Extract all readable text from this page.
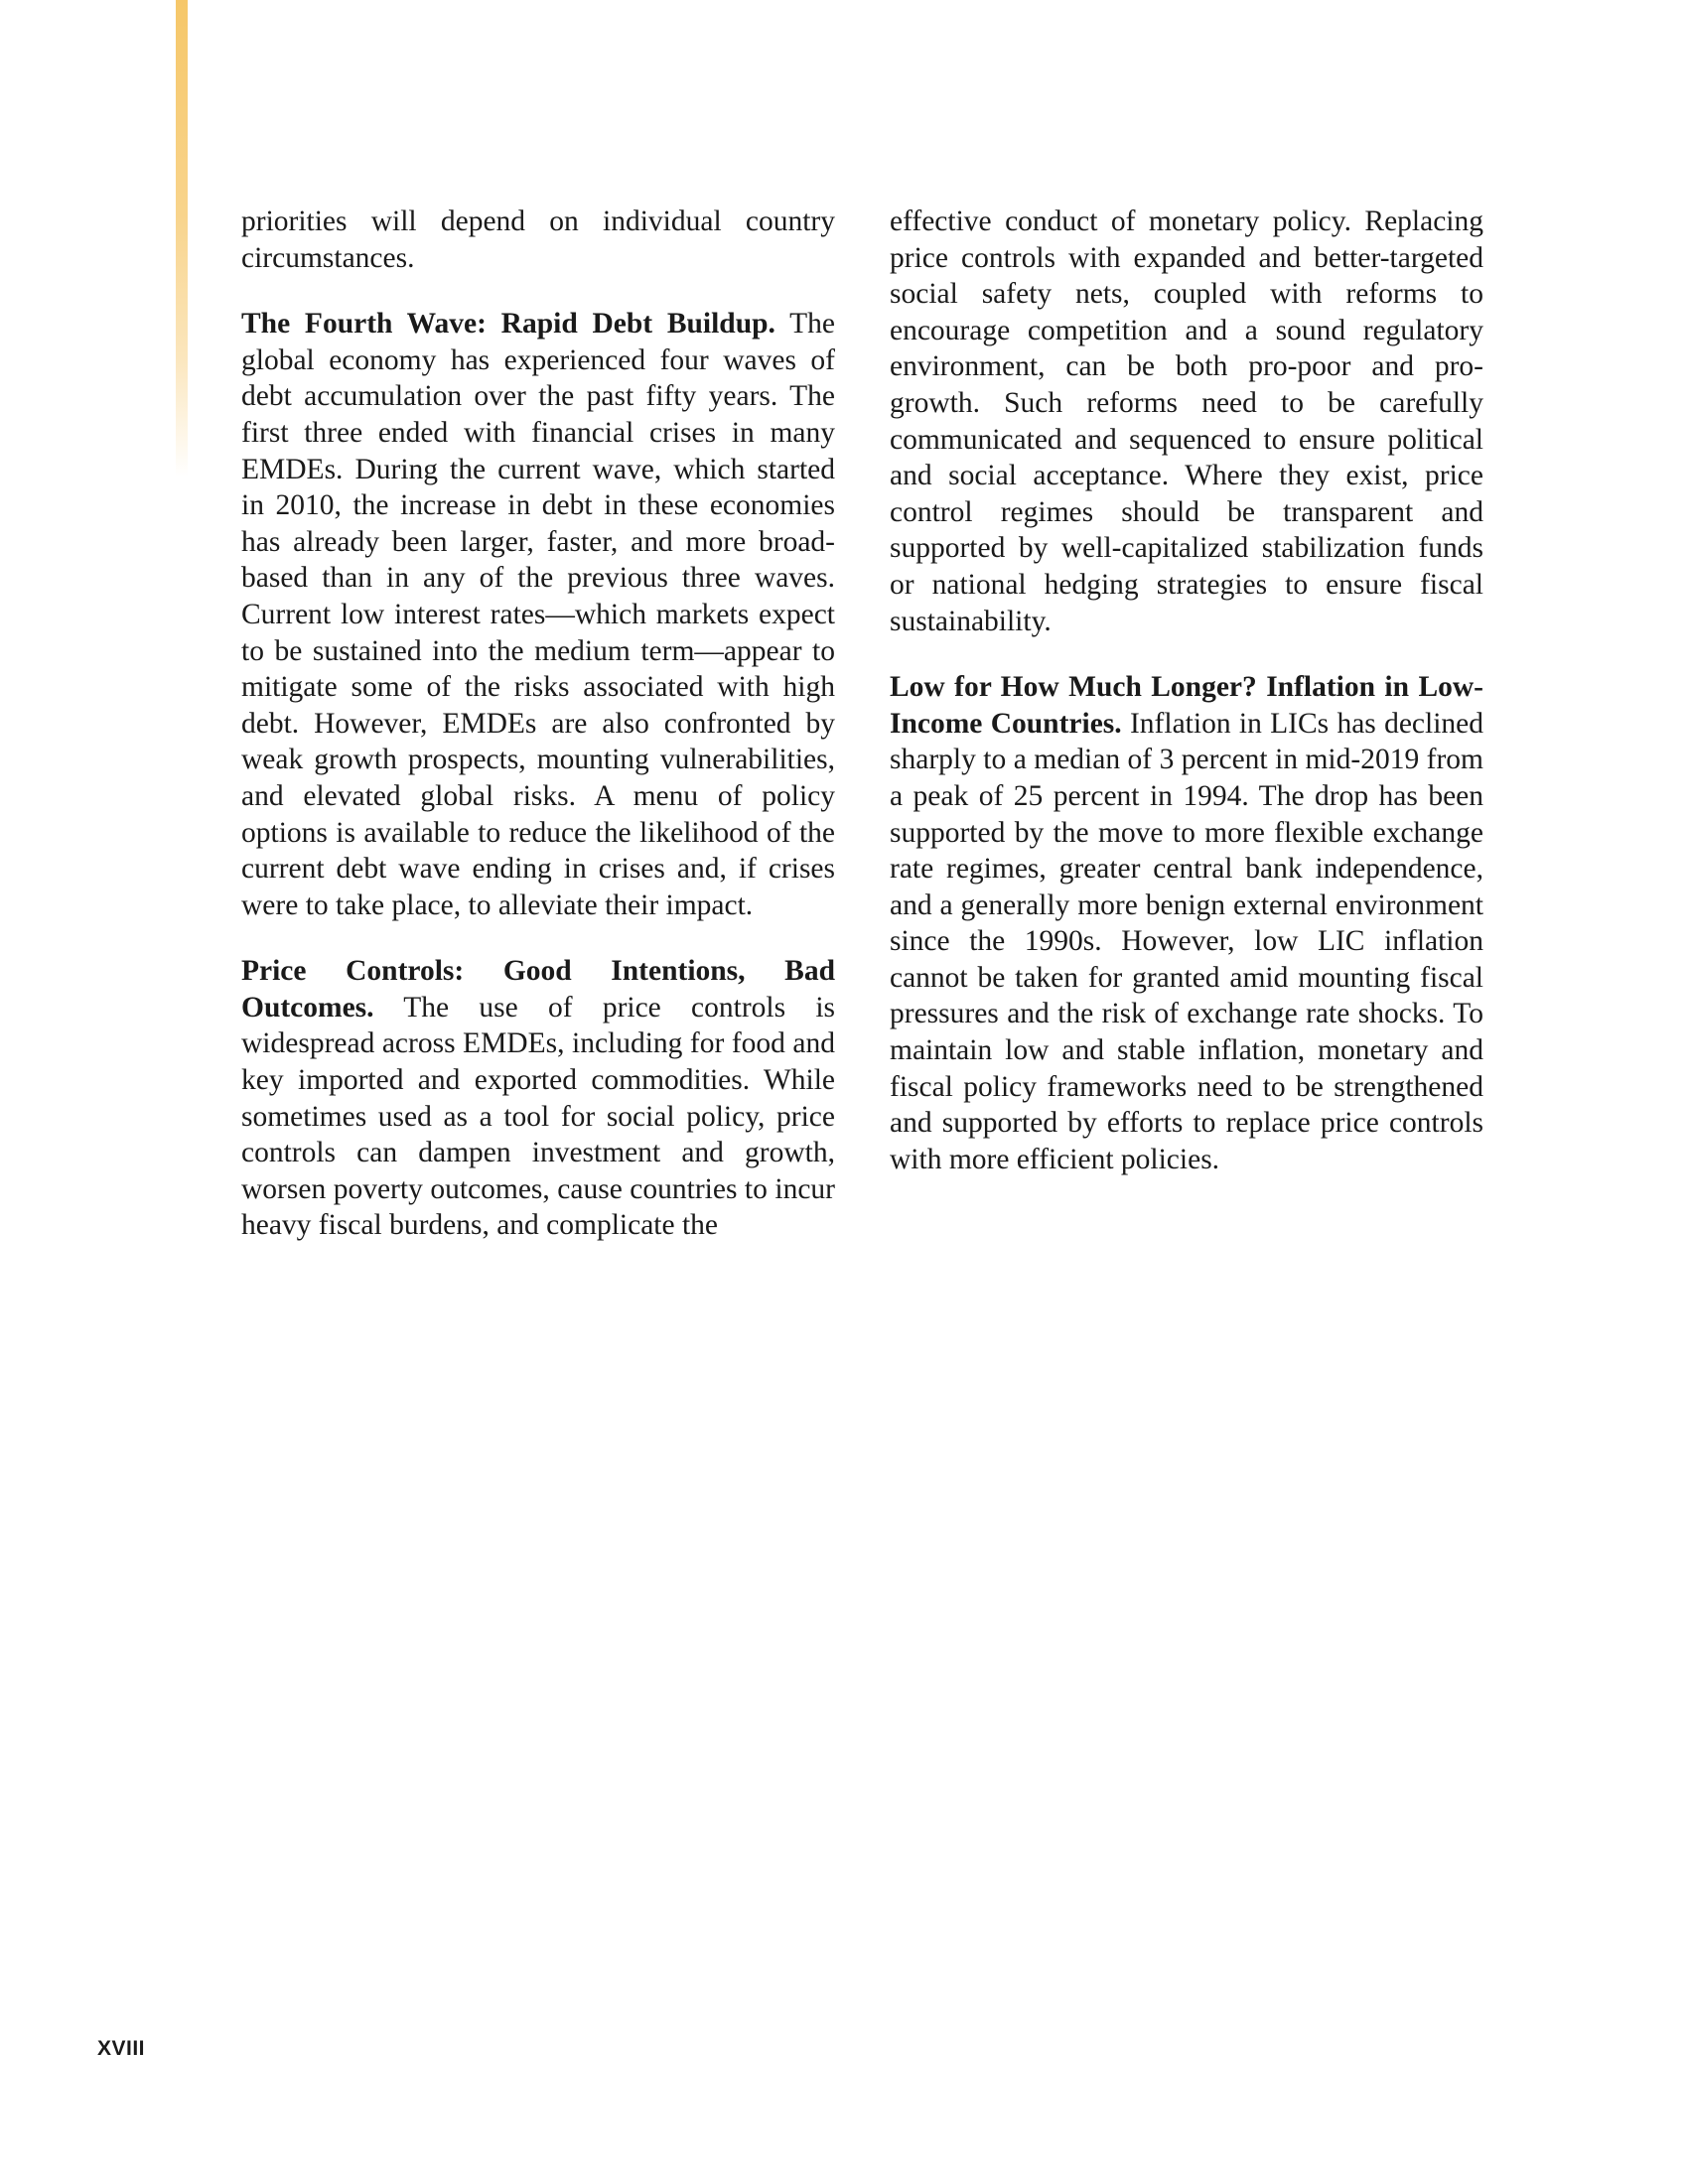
priorities will depend on individual country circumstances.

The Fourth Wave: Rapid Debt Buildup. The global economy has experienced four waves of debt accumulation over the past fifty years. The first three ended with financial crises in many EMDEs. During the current wave, which started in 2010, the increase in debt in these economies has already been larger, faster, and more broad-based than in any of the previous three waves. Current low interest rates—which markets expect to be sustained into the medium term—appear to mitigate some of the risks associated with high debt. However, EMDEs are also confronted by weak growth prospects, mounting vulnerabilities, and elevated global risks. A menu of policy options is available to reduce the likelihood of the current debt wave ending in crises and, if crises were to take place, to alleviate their impact.

Price Controls: Good Intentions, Bad Outcomes. The use of price controls is widespread across EMDEs, including for food and key imported and exported commodities. While sometimes used as a tool for social policy, price controls can dampen investment and growth, worsen poverty outcomes, cause countries to incur heavy fiscal burdens, and complicate the

effective conduct of monetary policy. Replacing price controls with expanded and better-targeted social safety nets, coupled with reforms to encourage competition and a sound regulatory environment, can be both pro-poor and pro-growth. Such reforms need to be carefully communicated and sequenced to ensure political and social acceptance. Where they exist, price control regimes should be transparent and supported by well-capitalized stabilization funds or national hedging strategies to ensure fiscal sustainability.

Low for How Much Longer? Inflation in Low-Income Countries. Inflation in LICs has declined sharply to a median of 3 percent in mid-2019 from a peak of 25 percent in 1994. The drop has been supported by the move to more flexible exchange rate regimes, greater central bank independence, and a generally more benign external environment since the 1990s. However, low LIC inflation cannot be taken for granted amid mounting fiscal pressures and the risk of exchange rate shocks. To maintain low and stable inflation, monetary and fiscal policy frameworks need to be strengthened and supported by efforts to replace price controls with more efficient policies.

XVIII
